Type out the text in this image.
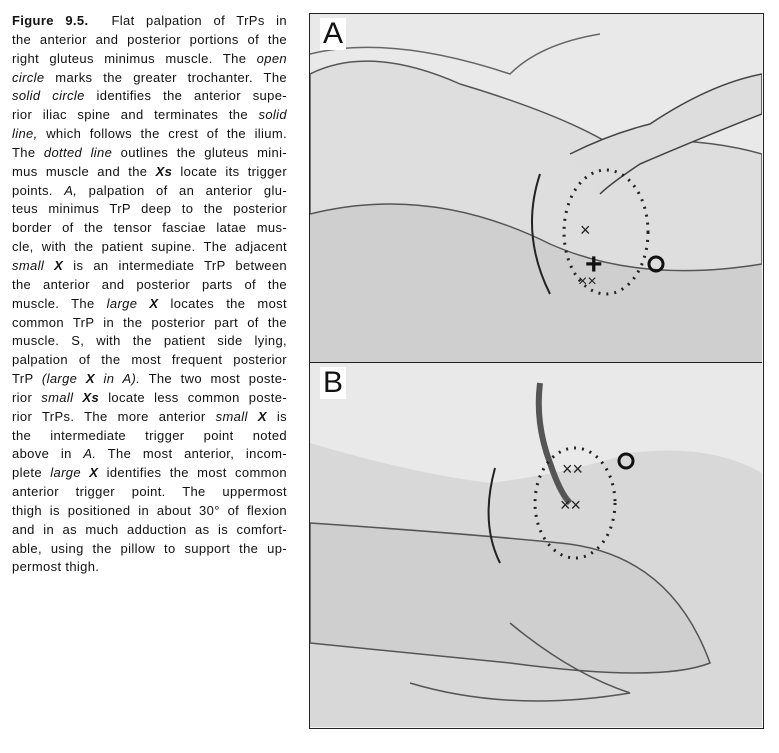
Figure 9.5.  Flat palpation of TrPs in
the anterior and posterior portions of the
right gluteus minimus muscle. The open
circle marks the greater trochanter. The
solid circle identifies the anterior supe-
rior iliac spine and terminates the solid
line, which follows the crest of the ilium.
The dotted line outlines the gluteus mini-
mus muscle and the Xs locate its trigger
points. A, palpation of an anterior glu-
teus minimus TrP deep to the posterior
border of the tensor fasciae latae mus-
cle, with the patient supine. The adjacent
small X is an intermediate TrP between
the anterior and posterior parts of the
muscle. The large X locates the most
common TrP in the posterior part of the
muscle. S, with the patient side lying,
palpation of the most frequent posterior
TrP (large X in A). The two most poste-
rior small Xs locate less common poste-
rior TrPs. The more anterior small X is
the intermediate trigger point noted
above in A. The most anterior, incom-
plete large X identifies the most common
anterior trigger point. The uppermost
thigh is positioned in about 30° of flexion
and in as much adduction as is comfort-
able, using the pillow to support the up-
permost thigh.
×
+
××
A
××
××
B
